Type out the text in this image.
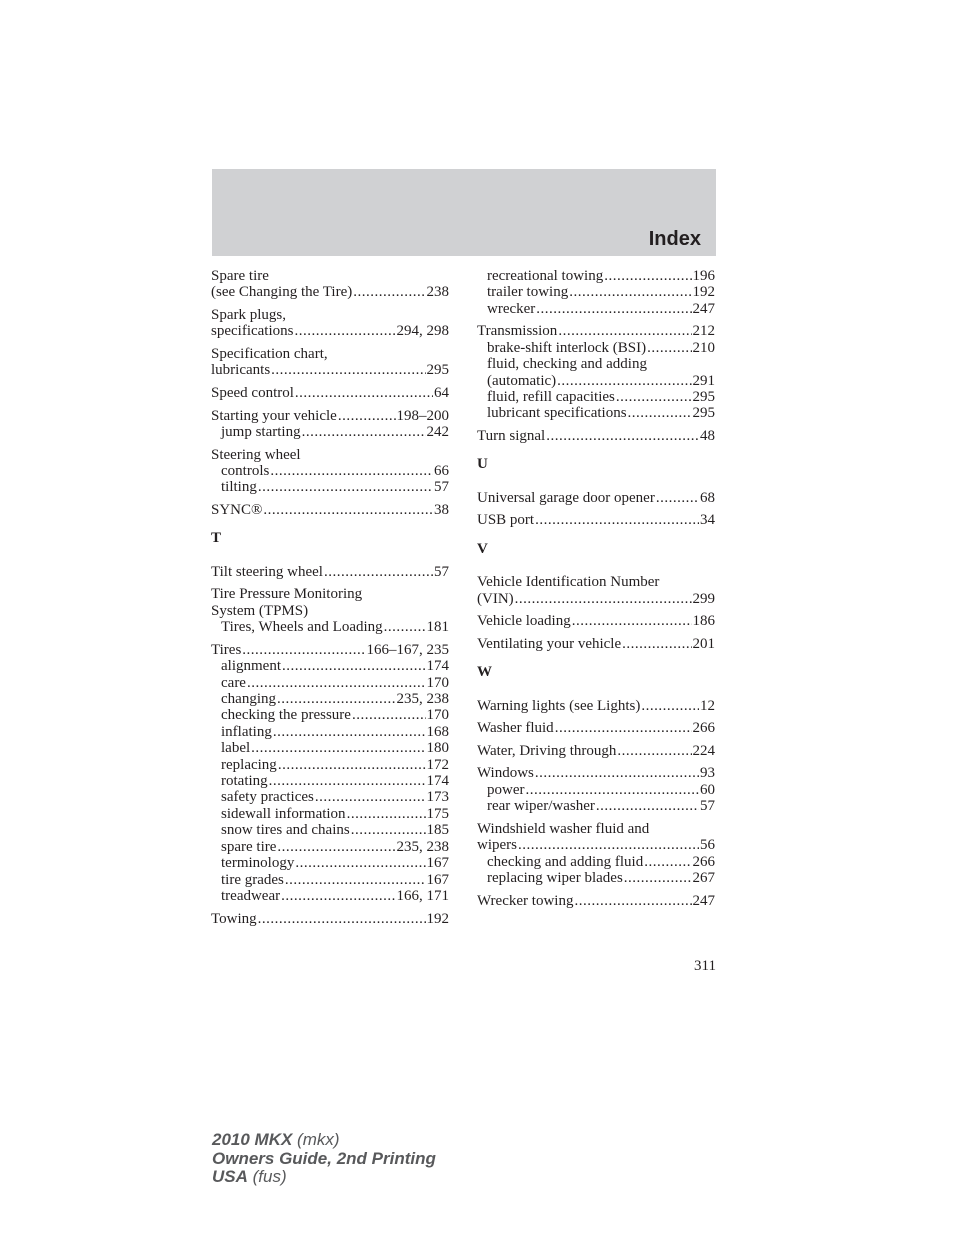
Index
Spare tire
(see Changing the Tire) .....	238
Spark plugs,
specifications .....	294, 298
Specification chart,
lubricants .....	295
Speed control .....	64
Starting your vehicle .....	198–200
jump starting .....	242
Steering wheel
controls .....	66
tilting .....	57
SYNC® .....	38
T
Tilt steering wheel .....	57
Tire Pressure Monitoring
System (TPMS)
Tires, Wheels and Loading .....	181
Tires .....	166–167, 235
alignment .....	174
care .....	170
changing .....	235, 238
checking the pressure .....	170
inflating .....	168
label .....	180
replacing .....	172
rotating .....	174
safety practices .....	173
sidewall information .....	175
snow tires and chains .....	185
spare tire .....	235, 238
terminology .....	167
tire grades .....	167
treadwear .....	166, 171
Towing .....	192
recreational towing .....	196
trailer towing .....	192
wrecker .....	247
Transmission .....	212
brake-shift interlock (BSI) .....	210
fluid, checking and adding
(automatic) .....	291
fluid, refill capacities .....	295
lubricant specifications .....	295
Turn signal .....	48
U
Universal garage door opener .....	68
USB port .....	34
V
Vehicle Identification Number
(VIN) .....	299
Vehicle loading .....	186
Ventilating your vehicle .....	201
W
Warning lights (see Lights) .....	12
Washer fluid .....	266
Water, Driving through .....	224
Windows .....	93
power .....	60
rear wiper/washer .....	57
Windshield washer fluid and
wipers .....	56
checking and adding fluid .....	266
replacing wiper blades .....	267
Wrecker towing .....	247
311
2010 MKX (mkx)
Owners Guide, 2nd Printing
USA (fus)
